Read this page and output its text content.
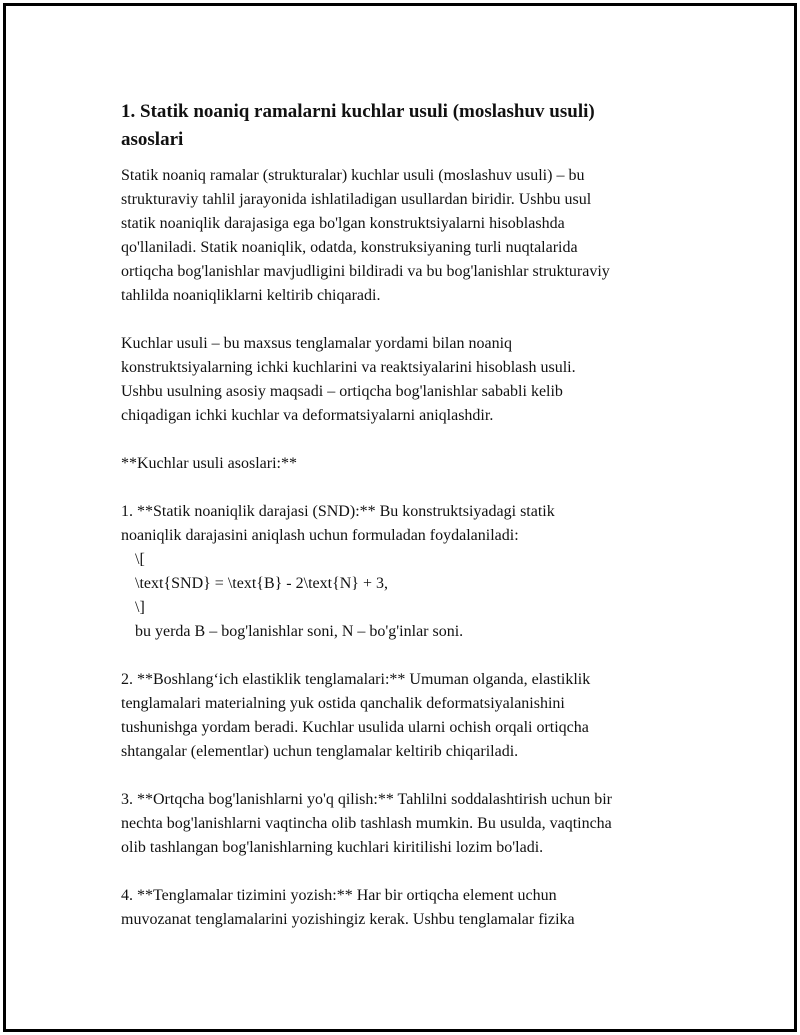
1. Statik noaniq ramalarni kuchlar usuli (moslashuv usuli)
asoslari

Statik noaniq ramalar (strukturalar) kuchlar usuli (moslashuv usuli) – bu
strukturaviy tahlil jarayonida ishlatiladigan usullardan biridir. Ushbu usul
statik noaniqlik darajasiga ega bo'lgan konstruktsiyalarni hisoblashda
qo'llaniladi. Statik noaniqlik, odatda, konstruksiyaning turli nuqtalarida
ortiqcha bog'lanishlar mavjudligini bildiradi va bu bog'lanishlar strukturaviy
tahlilda noaniqliklarni keltirib chiqaradi.

Kuchlar usuli – bu maxsus tenglamalar yordami bilan noaniq
konstruktsiyalarning ichki kuchlarini va reaktsiyalarini hisoblash usuli.
Ushbu usulning asosiy maqsadi – ortiqcha bog'lanishlar sababli kelib
chiqadigan ichki kuchlar va deformatsiyalarni aniqlashdir.

**Kuchlar usuli asoslari:**

1. **Statik noaniqlik darajasi (SND):** Bu konstruktsiyadagi statik
noaniqlik darajasini aniqlash uchun formuladan foydalaniladi:
\[
\text{SND} = \text{B} - 2\text{N} + 3,
\]
bu yerda B – bog'lanishlar soni, N – bo'g'inlar soni.

2. **Boshlang‘ich elastiklik tenglamalari:** Umuman olganda, elastiklik
tenglamalari materialning yuk ostida qanchalik deformatsiyalanishini
tushunishga yordam beradi. Kuchlar usulida ularni ochish orqali ortiqcha
shtangalar (elementlar) uchun tenglamalar keltirib chiqariladi.

3. **Ortqcha bog'lanishlarni yo'q qilish:** Tahlilni soddalashtirish uchun bir
nechta bog'lanishlarni vaqtincha olib tashlash mumkin. Bu usulda, vaqtincha
olib tashlangan bog'lanishlarning kuchlari kiritilishi lozim bo'ladi.

4. **Tenglamalar tizimini yozish:** Har bir ortiqcha element uchun
muvozanat tenglamalarini yozishingiz kerak. Ushbu tenglamalar fizika
